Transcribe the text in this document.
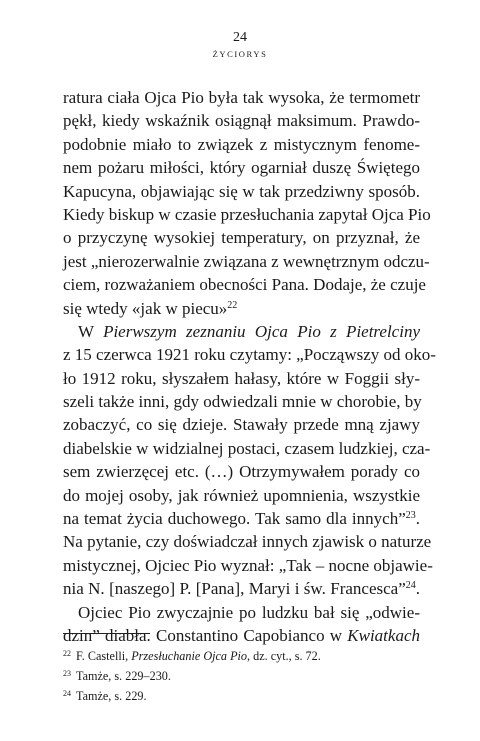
24
ŻYCIORYS
ratura ciała Ojca Pio była tak wysoka, że termometr
pękł, kiedy wskaźnik osiągnął maksimum. Prawdo-
podobnie miało to związek z mistycznym fenome-
nem pożaru miłości, który ogarniał duszę Świętego
Kapucyna, objawiając się w tak przedziwny sposób.
Kiedy biskup w czasie przesłuchania zapytał Ojca Pio
o przyczynę wysokiej temperatury, on przyznał, że
jest „nierozerwalnie związana z wewnętrznym odczu-
ciem, rozważaniem obecności Pana. Dodaje, że czuje
się wtedy «jak w piecu»$^{22}$
W Pierwszym zeznaniu Ojca Pio z Pietrelciny
z 15 czerwca 1921 roku czytamy: „Począwszy od oko-
ło 1912 roku, słyszałem hałasy, które w Foggii sły-
szeli także inni, gdy odwiedzali mnie w chorobie, by
zobaczyć, co się dzieje. Stawały przede mną zjawy
diabelskie w widzialnej postaci, czasem ludzkiej, cza-
sem zwierzęcej etc. (…) Otrzymywałem porady co
do mojej osoby, jak również upomnienia, wszystkie
na temat życia duchowego. Tak samo dla innych”$^{23}$.
Na pytanie, czy doświadczał innych zjawisk o naturze
mistycznej, Ojciec Pio wyznał: „Tak – nocne objawie-
nia N. [naszego] P. [Pana], Maryi i św. Francesca”$^{24}$.
Ojciec Pio zwyczajnie po ludzku bał się „odwie-
dzin” diabła. Constantino Capobianco w Kwiatkach
$^{22}$ F. Castelli, Przesłuchanie Ojca Pio, dz. cyt., s. 72.
$^{23}$ Tamże, s. 229–230.
$^{24}$ Tamże, s. 229.
